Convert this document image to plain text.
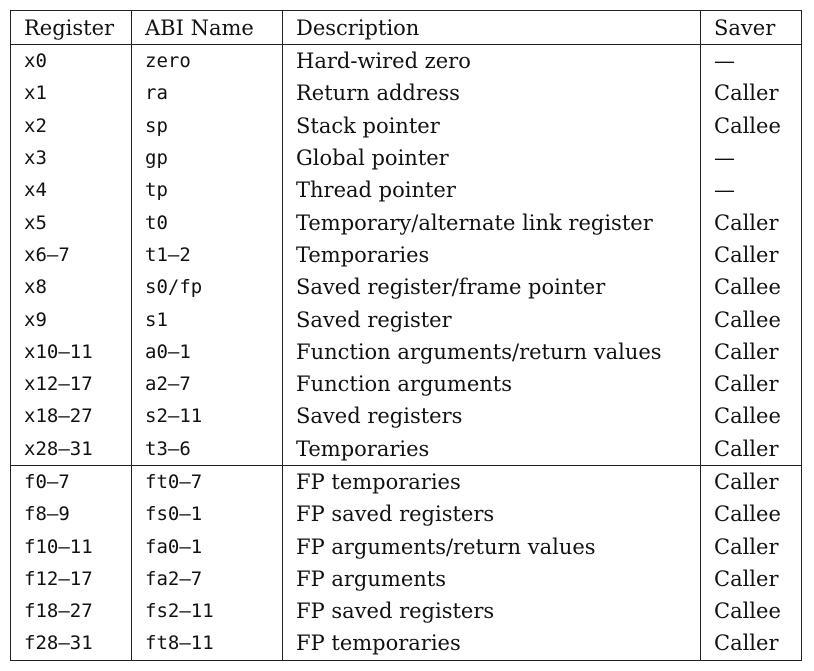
Register	ABI Name	Description	Saver
x0	zero	Hard-wired zero	—
x1	ra	Return address	Caller
x2	sp	Stack pointer	Callee
x3	gp	Global pointer	—
x4	tp	Thread pointer	—
x5	t0	Temporary/alternate link register	Caller
x6–7	t1–2	Temporaries	Caller
x8	s0/fp	Saved register/frame pointer	Callee
x9	s1	Saved register	Callee
x10–11	a0–1	Function arguments/return values	Caller
x12–17	a2–7	Function arguments	Caller
x18–27	s2–11	Saved registers	Callee
x28–31	t3–6	Temporaries	Caller
f0–7	ft0–7	FP temporaries	Caller
f8–9	fs0–1	FP saved registers	Callee
f10–11	fa0–1	FP arguments/return values	Caller
f12–17	fa2–7	FP arguments	Caller
f18–27	fs2–11	FP saved registers	Callee
f28–31	ft8–11	FP temporaries	Caller
